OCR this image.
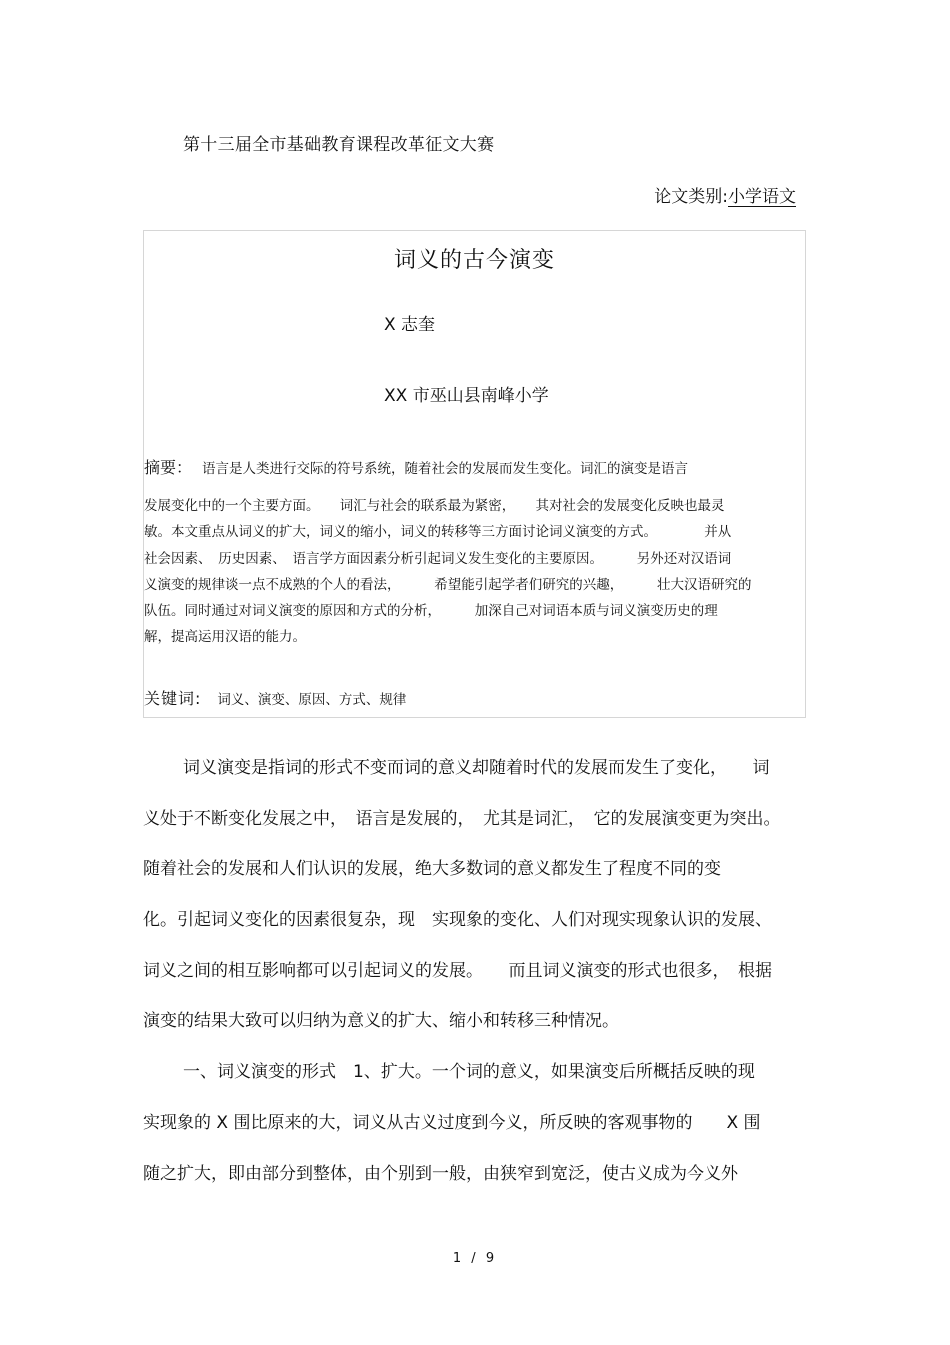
第十三届全市基础教育课程改革征文大赛
论文类别:小学语文
词义的古今演变
X 志奎
XX 市巫山县南峰小学
摘要： 语言是人类进行交际的符号系统，随着社会的发展而发生变化。词汇的演变是语言
发展变化中的一个主要方面。　　词汇与社会的联系最为紧密，　　其对社会的发展变化反映也最灵
敏。本文重点从词义的扩大，词义的缩小，词义的转移等三方面讨论词义演变的方式。　　　　并从
社会因素、　历史因素、　语言学方面因素分析引起词义发生变化的主要原因。　　　另外还对汉语词
义演变的规律谈一点不成熟的个人的看法，　　　希望能引起学者们研究的兴趣，　　　壮大汉语研究的
队伍。同时通过对词义演变的原因和方式的分析，　　　加深自己对词语本质与词义演变历史的理
解，提高运用汉语的能力。
关键词: 词义、演变、原因、方式、规律
词义演变是指词的形式不变而词的意义却随着时代的发展而发生了变化，　　词
义处于不断变化发展之中，　语言是发展的，　尤其是词汇，　它的发展演变更为突出。
随着社会的发展和人们认识的发展，绝大多数词的意义都发生了程度不同的变
化。引起词义变化的因素很复杂，现　实现象的变化、人们对现实现象认识的发展、
词义之间的相互影响都可以引起词义的发展。　　而且词义演变的形式也很多，　根据
演变的结果大致可以归纳为意义的扩大、缩小和转移三种情况。
一、词义演变的形式　1、扩大。一个词的意义，如果演变后所概括反映的现
实现象的 X 围比原来的大，词义从古义过度到今义，所反映的客观事物的　　X 围
随之扩大，即由部分到整体，由个别到一般，由狭窄到宽泛，使古义成为今义外
1 / 9
